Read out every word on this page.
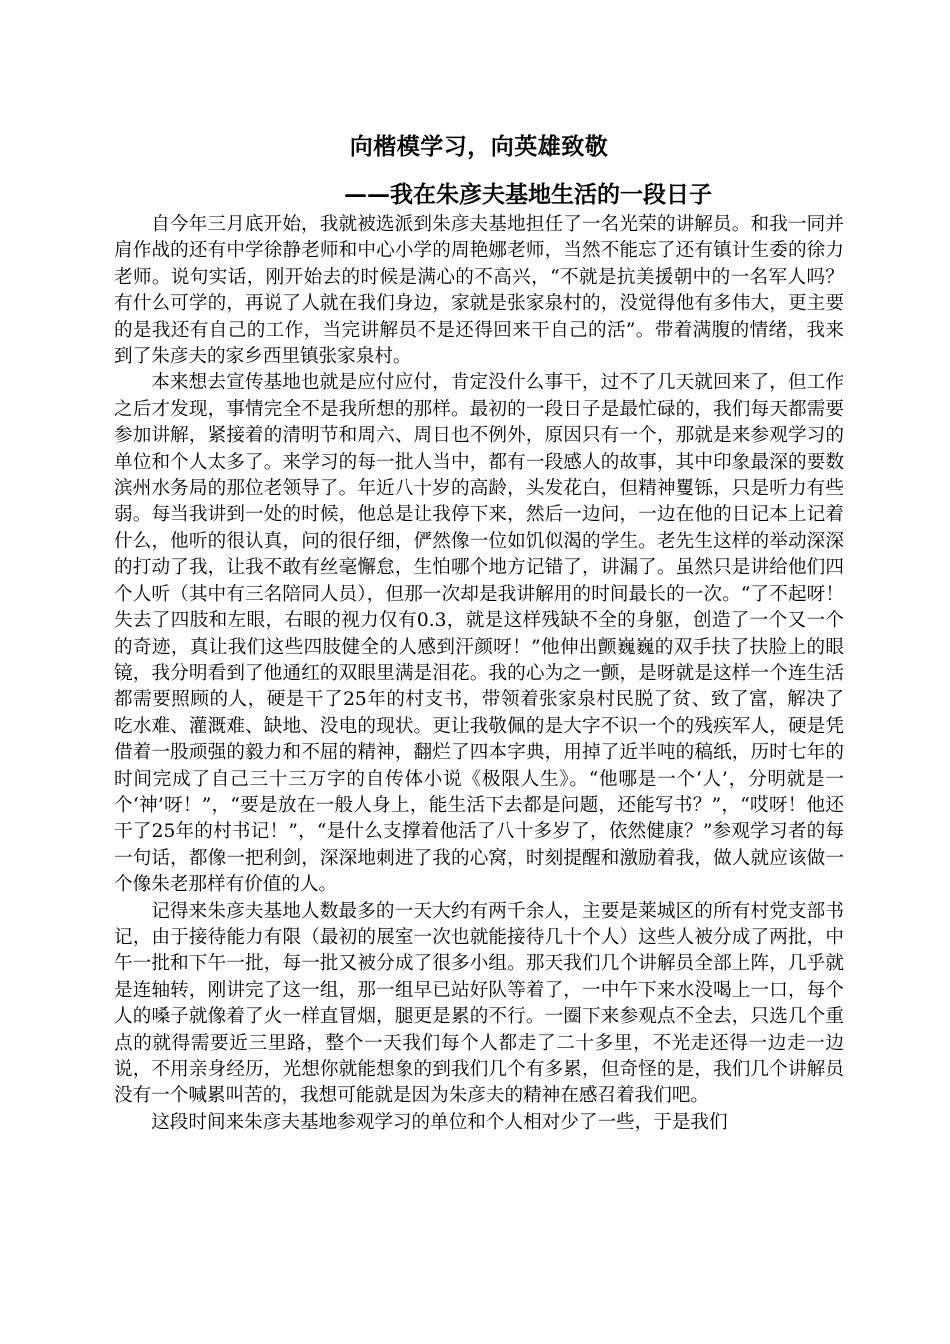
向楷模学习，向英雄致敬
——我在朱彦夫基地生活的一段日子

自今年三月底开始，我就被选派到朱彦夫基地担任了一名光荣的讲解员。和我一同并肩作战的还有中学徐静老师和中心小学的周艳娜老师，当然不能忘了还有镇计生委的徐力老师。说句实话，刚开始去的时候是满心的不高兴，“不就是抗美援朝中的一名军人吗？有什么可学的，再说了人就在我们身边，家就是张家泉村的，没觉得他有多伟大，更主要的是我还有自己的工作，当完讲解员不是还得回来干自己的活”。带着满腹的情绪，我来到了朱彦夫的家乡西里镇张家泉村。

本来想去宣传基地也就是应付应付，肯定没什么事干，过不了几天就回来了，但工作之后才发现，事情完全不是我所想的那样。最初的一段日子是最忙碌的，我们每天都需要参加讲解，紧接着的清明节和周六、周日也不例外，原因只有一个，那就是来参观学习的单位和个人太多了。来学习的每一批人当中，都有一段感人的故事，其中印象最深的要数滨州水务局的那位老领导了。年近八十岁的高龄，头发花白，但精神矍铄，只是听力有些弱。每当我讲到一处的时候，他总是让我停下来，然后一边问，一边在他的日记本上记着什么，他听的很认真，问的很仔细，俨然像一位如饥似渴的学生。老先生这样的举动深深的打动了我，让我不敢有丝毫懈怠，生怕哪个地方记错了，讲漏了。虽然只是讲给他们四个人听（其中有三名陪同人员），但那一次却是我讲解用的时间最长的一次。“了不起呀！失去了四肢和左眼，右眼的视力仅有0.3，就是这样残缺不全的身躯，创造了一个又一个的奇迹，真让我们这些四肢健全的人感到汗颜呀！”他伸出颤巍巍的双手扶了扶脸上的眼镜，我分明看到了他通红的双眼里满是泪花。我的心为之一颤，是呀就是这样一个连生活都需要照顾的人，硬是干了25年的村支书，带领着张家泉村民脱了贫、致了富，解决了吃水难、灌溉难、缺地、没电的现状。更让我敬佩的是大字不识一个的残疾军人，硬是凭借着一股顽强的毅力和不屈的精神，翻烂了四本字典，用掉了近半吨的稿纸，历时七年的时间完成了自己三十三万字的自传体小说《极限人生》。“他哪是一个‘人’，分明就是一个‘神’呀！”，“要是放在一般人身上，能生活下去都是问题，还能写书？”，“哎呀！他还干了25年的村书记！”，“是什么支撑着他活了八十多岁了，依然健康？”参观学习者的每一句话，都像一把利剑，深深地刺进了我的心窝，时刻提醒和激励着我，做人就应该做一个像朱老那样有价值的人。

记得来朱彦夫基地人数最多的一天大约有两千余人，主要是莱城区的所有村党支部书记，由于接待能力有限（最初的展室一次也就能接待几十个人）这些人被分成了两批，中午一批和下午一批，每一批又被分成了很多小组。那天我们几个讲解员全部上阵，几乎就是连轴转，刚讲完了这一组，那一组早已站好队等着了，一中午下来水没喝上一口，每个人的嗓子就像着了火一样直冒烟，腿更是累的不行。一圈下来参观点不全去，只选几个重点的就得需要近三里路，整个一天我们每个人都走了二十多里，不光走还得一边走一边说，不用亲身经历，光想你就能想象的到我们几个有多累，但奇怪的是，我们几个讲解员没有一个喊累叫苦的，我想可能就是因为朱彦夫的精神在感召着我们吧。

这段时间来朱彦夫基地参观学习的单位和个人相对少了一些，于是我们
